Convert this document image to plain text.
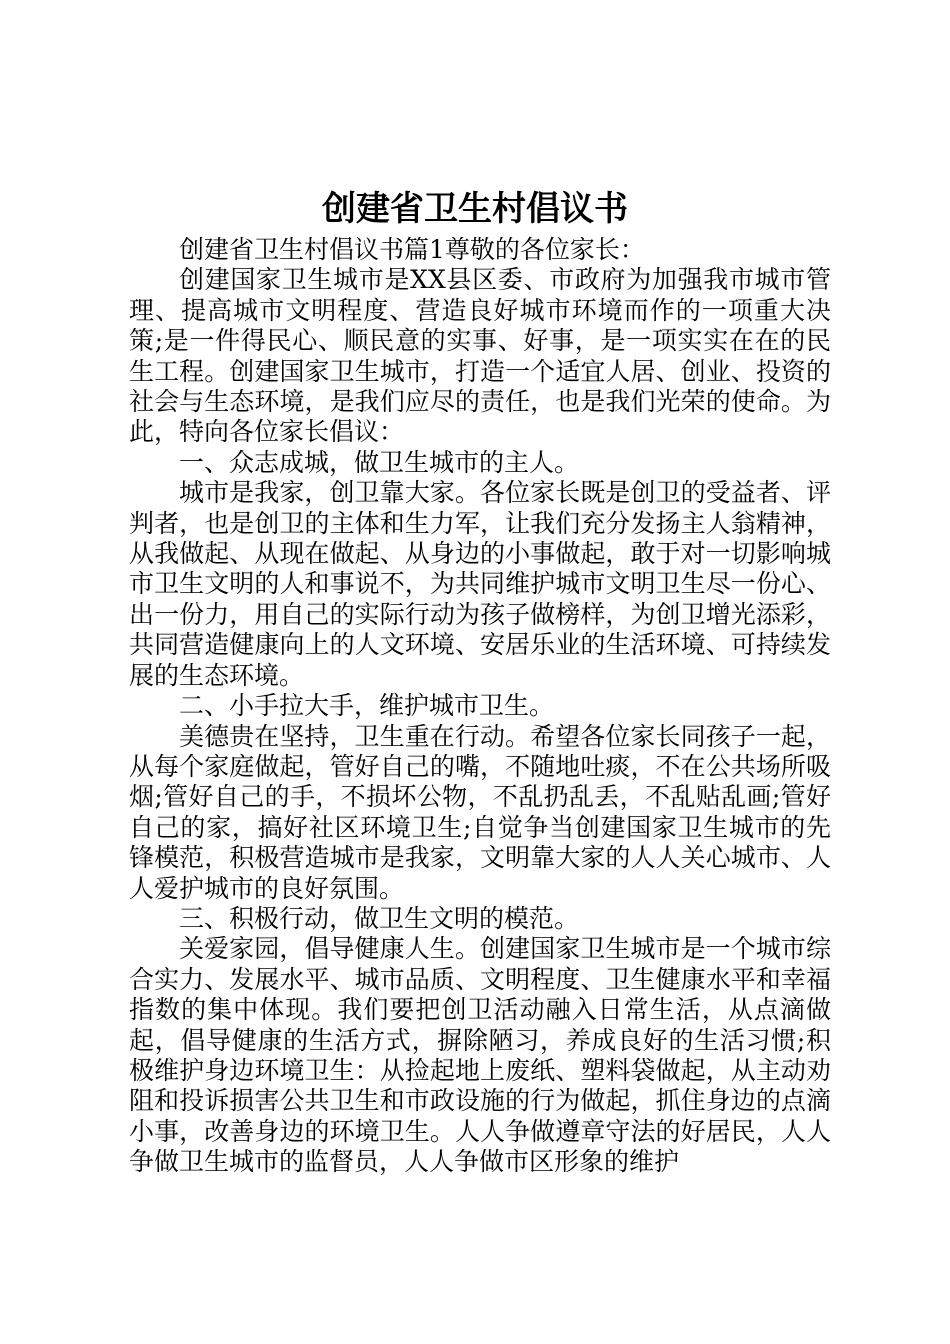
创建省卫生村倡议书

创建省卫生村倡议书篇1尊敬的各位家长：

创建国家卫生城市是XX县区委、市政府为加强我市城市管理、提高城市文明程度、营造良好城市环境而作的一项重大决策;是一件得民心、顺民意的实事、好事，是一项实实在在的民生工程。创建国家卫生城市，打造一个适宜人居、创业、投资的社会与生态环境，是我们应尽的责任，也是我们光荣的使命。为此，特向各位家长倡议：

一、众志成城，做卫生城市的主人。

城市是我家，创卫靠大家。各位家长既是创卫的受益者、评判者，也是创卫的主体和生力军，让我们充分发扬主人翁精神，从我做起、从现在做起、从身边的小事做起，敢于对一切影响城市卫生文明的人和事说不，为共同维护城市文明卫生尽一份心、出一份力，用自己的实际行动为孩子做榜样，为创卫增光添彩，共同营造健康向上的人文环境、安居乐业的生活环境、可持续发展的生态环境。

二、小手拉大手，维护城市卫生。

美德贵在坚持，卫生重在行动。希望各位家长同孩子一起，从每个家庭做起，管好自己的嘴，不随地吐痰，不在公共场所吸烟;管好自己的手，不损坏公物，不乱扔乱丢，不乱贴乱画;管好自己的家，搞好社区环境卫生;自觉争当创建国家卫生城市的先锋模范，积极营造城市是我家，文明靠大家的人人关心城市、人人爱护城市的良好氛围。

三、积极行动，做卫生文明的模范。

关爱家园，倡导健康人生。创建国家卫生城市是一个城市综合实力、发展水平、城市品质、文明程度、卫生健康水平和幸福指数的集中体现。我们要把创卫活动融入日常生活，从点滴做起，倡导健康的生活方式，摒除陋习，养成良好的生活习惯;积极维护身边环境卫生：从捡起地上废纸、塑料袋做起，从主动劝阻和投诉损害公共卫生和市政设施的行为做起，抓住身边的点滴小事，改善身边的环境卫生。人人争做遵章守法的好居民，人人争做卫生城市的监督员，人人争做市区形象的维护
